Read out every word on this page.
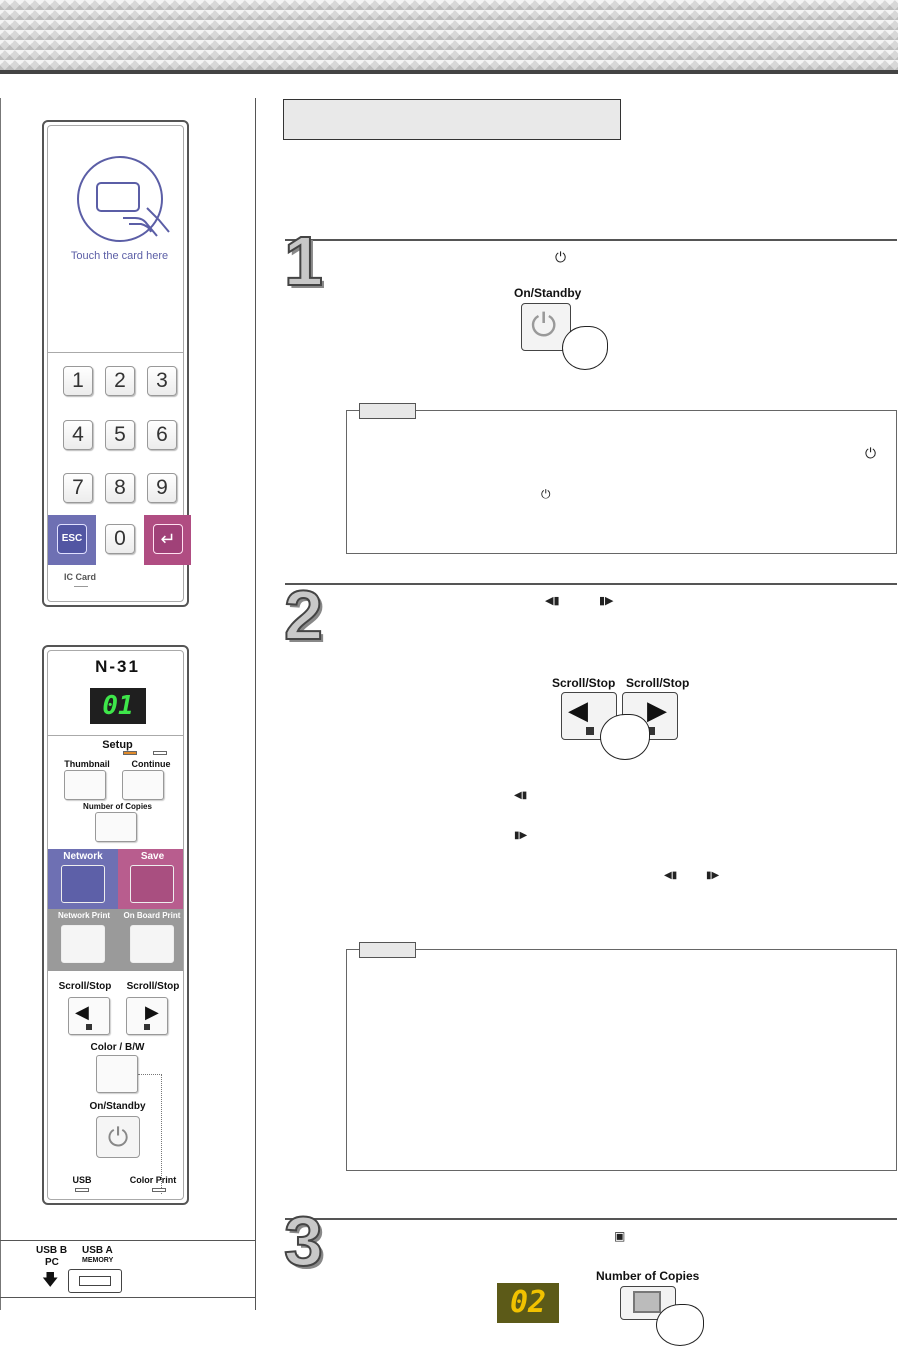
Touch the card here
1	2	3
4	5	6
7	8	9
ESC	0	↵
IC Card
N-31
01
Setup
Thumbnail	Continue
Number of Copies
Network	Save
Network Print	On Board Print
Scroll/Stop	Scroll/Stop
◀	▶
Color / B/W
On/Standby
⏻
USB	Color Print
USB B
PC
🡇
USB A
MEMORY
1	⏻
On/Standby
⏻
⏻
⏻
2	◀▮	▮▶
Scroll/Stop Scroll/Stop
◀ ▶
◀▮
▮▶
◀▮	▮▶
3	▣
02
Number of Copies
